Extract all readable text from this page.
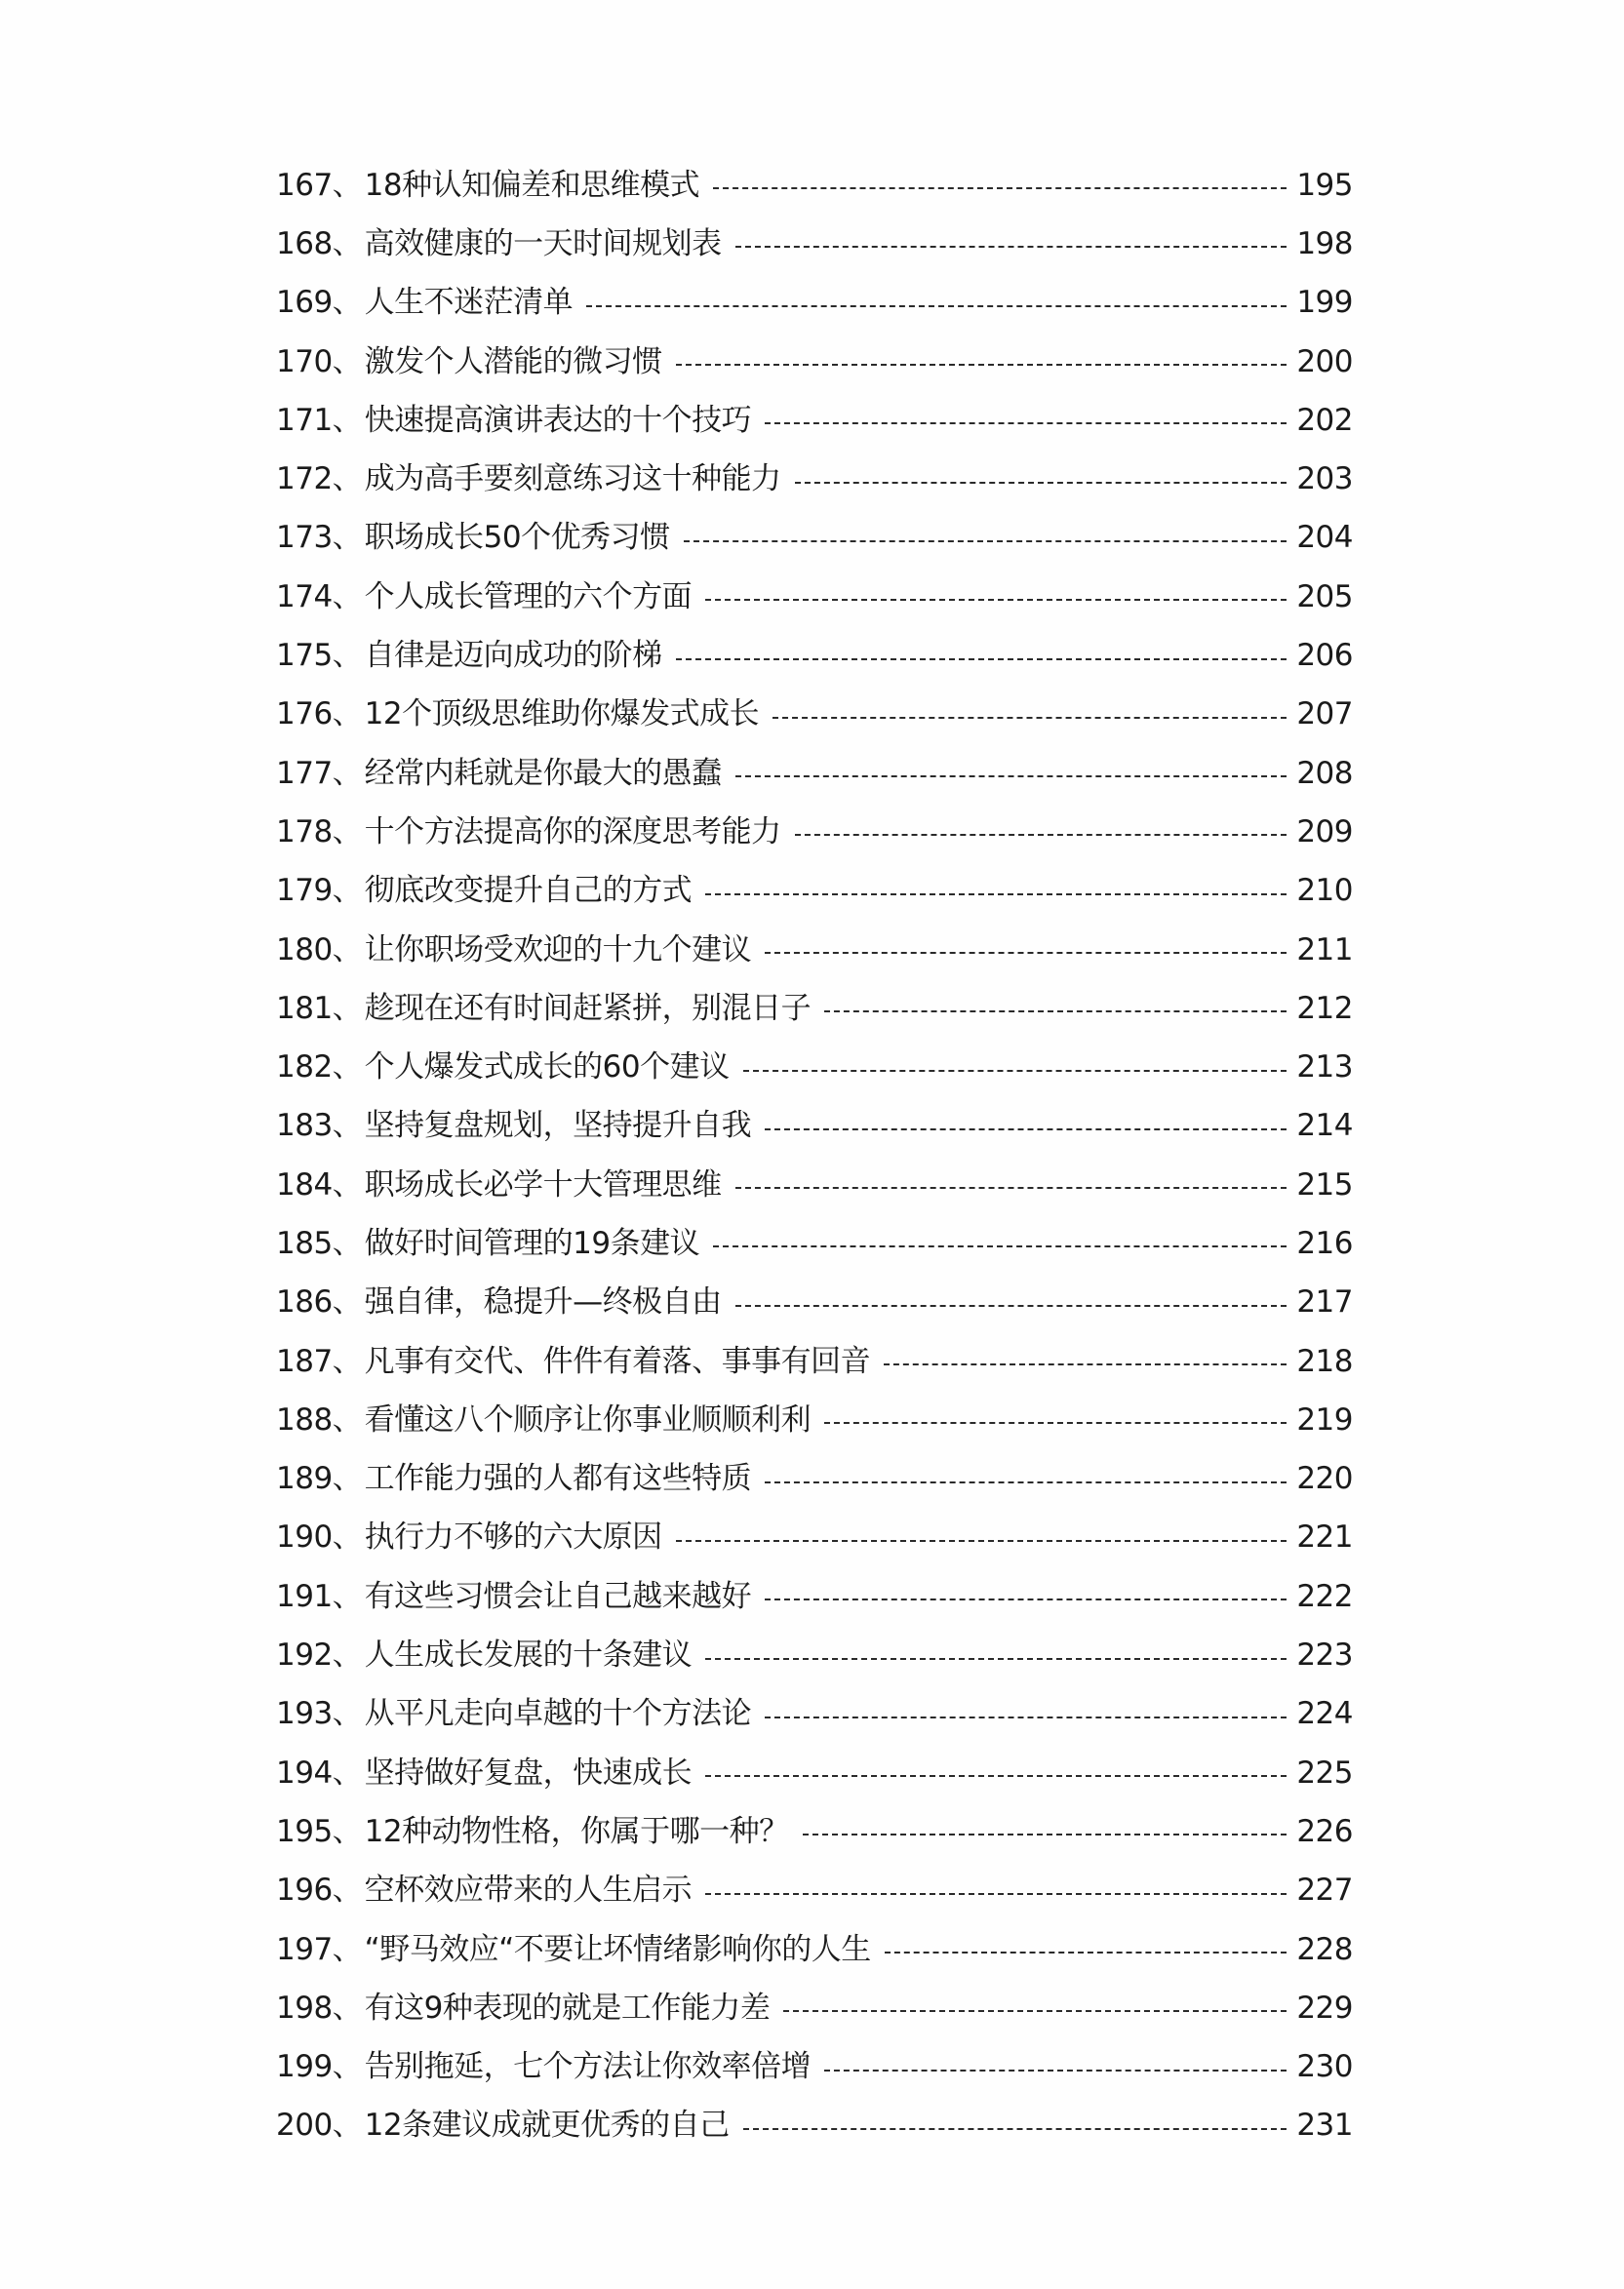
167 、 18种认知偏差和思维模式	195
168 、 高效健康的一天时间规划表	198
169 、 人生不迷茫清单	199
170 、 激发个人潜能的微习惯	200
171 、 快速提高演讲表达的十个技巧	202
172 、 成为高手要刻意练习这十种能力	203
173 、 职场成长50个优秀习惯	204
174 、 个人成长管理的六个方面	205
175 、 自律是迈向成功的阶梯	206
176 、 12个顶级思维助你爆发式成长	207
177 、 经常内耗就是你最大的愚蠢	208
178 、 十个方法提高你的深度思考能力	209
179 、 彻底改变提升自己的方式	210
180 、 让你职场受欢迎的十九个建议	211
181 、 趁现在还有时间赶紧拼，别混日子	212
182 、 个人爆发式成长的60个建议	213
183 、 坚持复盘规划，坚持提升自我	214
184 、 职场成长必学十大管理思维	215
185 、 做好时间管理的19条建议	216
186 、 强自律，稳提升—终极自由	217
187 、 凡事有交代、件件有着落、事事有回音	218
188 、 看懂这八个顺序让你事业顺顺利利	219
189 、 工作能力强的人都有这些特质	220
190 、 执行力不够的六大原因	221
191 、 有这些习惯会让自己越来越好	222
192 、 人生成长发展的十条建议	223
193 、 从平凡走向卓越的十个方法论	224
194 、 坚持做好复盘，快速成长	225
195 、 12种动物性格，你属于哪一种？	226
196 、 空杯效应带来的人生启示	227
197 、 “野马效应“不要让坏情绪影响你的人生	228
198 、 有这9种表现的就是工作能力差	229
199 、 告别拖延，七个方法让你效率倍增	230
200 、 12条建议成就更优秀的自己	231
